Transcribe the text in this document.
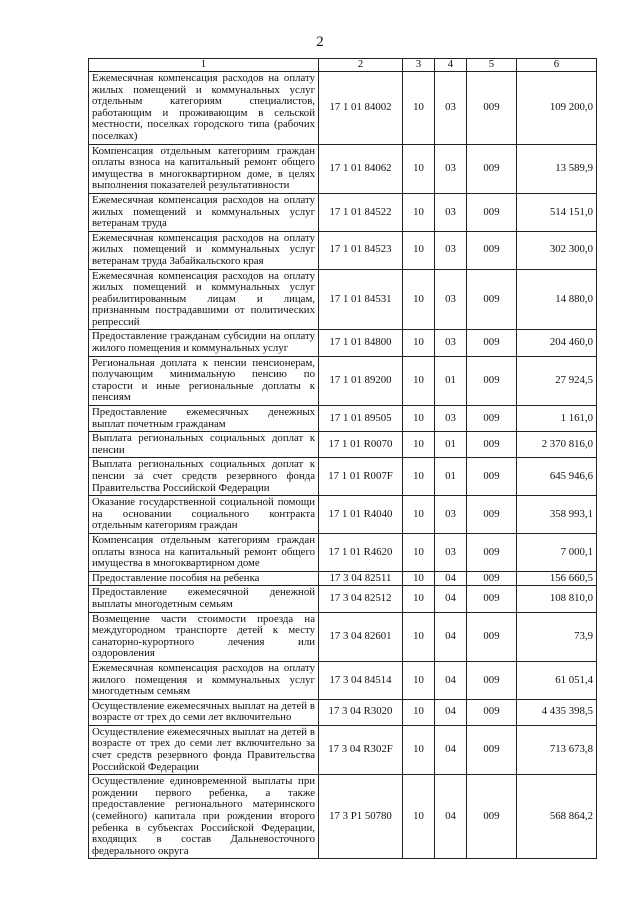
2
1	2	3	4	5	6
Ежемесячная компенсация расходов на оплату жилых помещений и коммунальных услуг отдельным категориям специалистов, работающим и проживающим в сельской местности, поселках городского типа (рабочих поселках)	17 1 01 84002	10	03	009	109 200,0
Компенсация отдельным категориям граждан оплаты взноса на капитальный ремонт общего имущества в многоквартирном доме, в целях выполнения показателей результативности	17 1 01 84062	10	03	009	13 589,9
Ежемесячная компенсация расходов на оплату жилых помещений и коммунальных услуг ветеранам труда	17 1 01 84522	10	03	009	514 151,0
Ежемесячная компенсация расходов на оплату жилых помещений и коммунальных услуг ветеранам труда Забайкальского края	17 1 01 84523	10	03	009	302 300,0
Ежемесячная компенсация расходов на оплату жилых помещений и коммунальных услуг реабилитированным лицам и лицам, признанным пострадавшими от политических репрессий	17 1 01 84531	10	03	009	14 880,0
Предоставление гражданам субсидии на оплату жилого помещения и коммунальных услуг	17 1 01 84800	10	03	009	204 460,0
Региональная доплата к пенсии пенсионерам, получающим минимальную пенсию по старости и иные региональные доплаты к пенсиям	17 1 01 89200	10	01	009	27 924,5
Предоставление ежемесячных денежных выплат почетным гражданам	17 1 01 89505	10	03	009	1 161,0
Выплата региональных социальных доплат к пенсии	17 1 01 R0070	10	01	009	2 370 816,0
Выплата региональных социальных доплат к пенсии за счет средств резервного фонда Правительства Российской Федерации	17 1 01 R007F	10	01	009	645 946,6
Оказание государственной социальной помощи на основании социального контракта отдельным категориям граждан	17 1 01 R4040	10	03	009	358 993,1
Компенсация отдельным категориям граждан оплаты взноса на капитальный ремонт общего имущества в многоквартирном доме	17 1 01 R4620	10	03	009	7 000,1
Предоставление пособия на ребенка	17 3 04 82511	10	04	009	156 660,5
Предоставление ежемесячной денежной выплаты многодетным семьям	17 3 04 82512	10	04	009	108 810,0
Возмещение части стоимости проезда на междугородном транспорте детей к месту санаторно-курортного лечения или оздоровления	17 3 04 82601	10	04	009	73,9
Ежемесячная компенсация расходов на оплату жилого помещения и коммунальных услуг многодетным семьям	17 3 04 84514	10	04	009	61 051,4
Осуществление ежемесячных выплат на детей в возрасте от трех до семи лет включительно	17 3 04 R3020	10	04	009	4 435 398,5
Осуществление ежемесячных выплат на детей в возрасте от трех до семи лет включительно за счет средств резервного фонда Правительства Российской Федерации	17 3 04 R302F	10	04	009	713 673,8
Осуществление единовременной выплаты при рождении первого ребенка, а также предоставление регионального материнского (семейного) капитала при рождении второго ребенка в субъектах Российской Федерации, входящих в состав Дальневосточного федерального округа	17 3 P1 50780	10	04	009	568 864,2
